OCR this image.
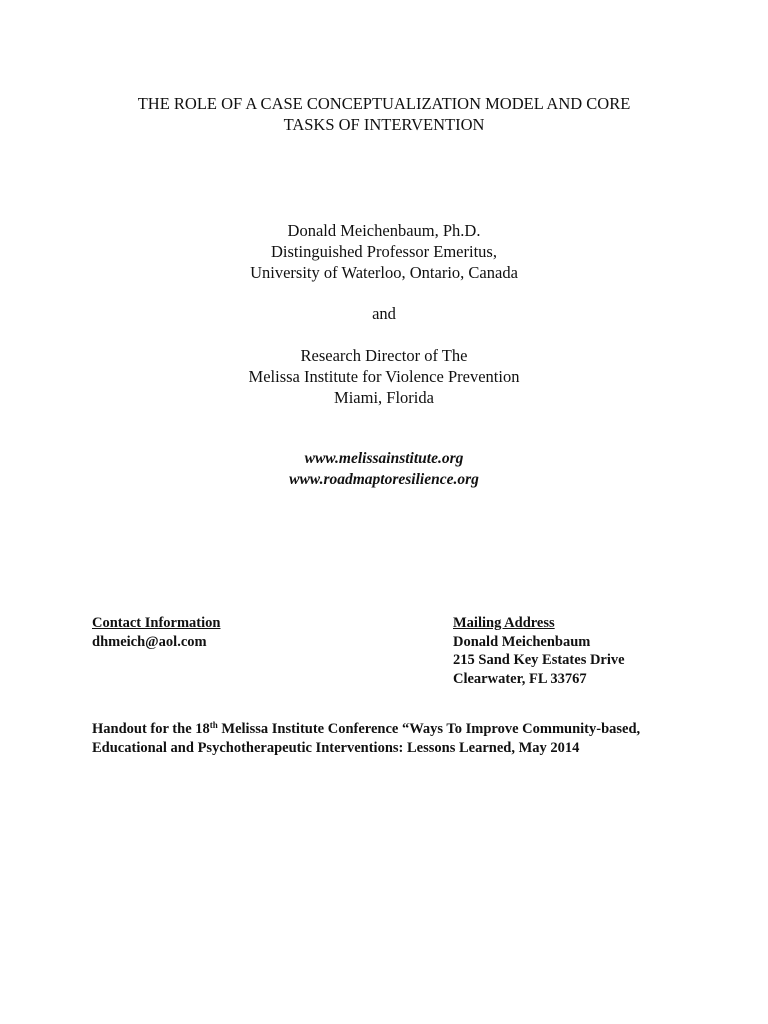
THE ROLE OF A CASE CONCEPTUALIZATION MODEL AND CORE
TASKS OF INTERVENTION
Donald Meichenbaum, Ph.D.
Distinguished Professor Emeritus,
University of Waterloo, Ontario, Canada
and
Research Director of The
Melissa Institute for Violence Prevention
Miami, Florida
www.melissainstitute.org
www.roadmaptoresilience.org
Contact Information
dhmeich@aol.com
Mailing Address
Donald Meichenbaum
215 Sand Key Estates Drive
Clearwater, FL 33767
Handout for the 18th Melissa Institute Conference “Ways To Improve Community-based,
Educational and Psychotherapeutic Interventions: Lessons Learned, May 2014
